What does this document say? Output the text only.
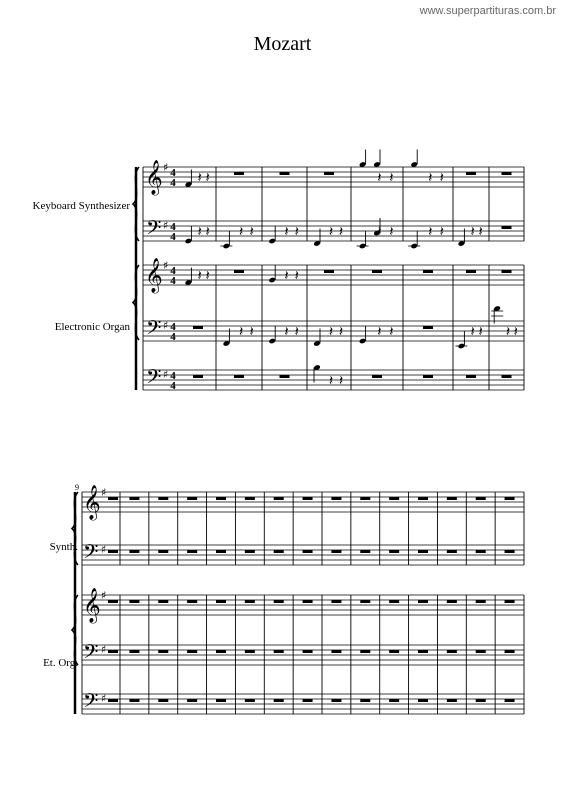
www.superpartituras.com.br
Mozart
Keyboard Synthesizer
Electronic Organ
Synth.
Et. Org.
9
𝄞 ♯ 4
4
𝄢 ♯ 4
4
𝄞 ♯ 4
4
𝄢 ♯ 4
4
𝄢 ♯ 4
4
𝄽 𝄽	𝄽 𝄽 𝄽 𝄽
𝄽 𝄽 𝄽 𝄽 𝄽 𝄽 𝄽 𝄽 𝄽 𝄽 𝄽 𝄽 𝄽 𝄽
𝄽 𝄽	𝄽 𝄽
𝄽 𝄽 𝄽 𝄽 𝄽 𝄽 𝄽 𝄽	𝄽 𝄽 𝄽 𝄽
𝄽 𝄽
𝄞 ♯
𝄢 ♯
𝄞 ♯
𝄢 ♯
𝄢 ♯
